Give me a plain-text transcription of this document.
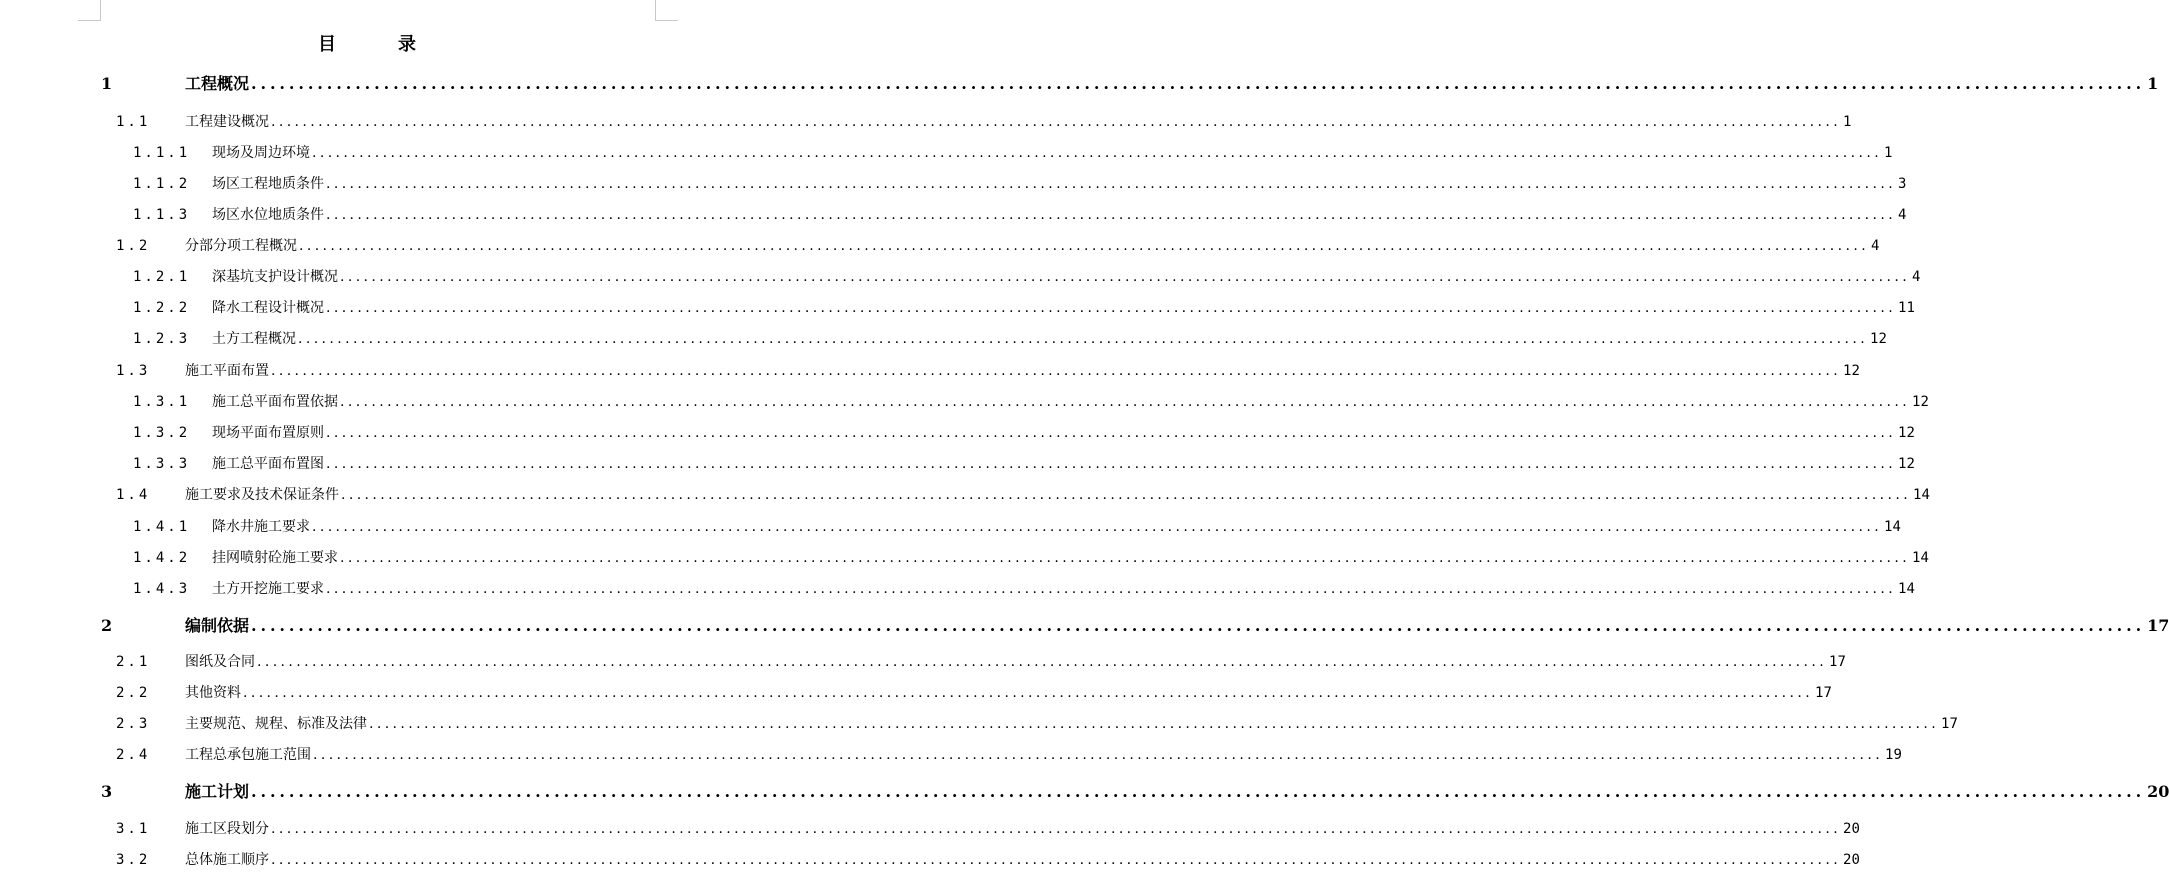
目　录
1	工程概况 ........................................................................................................................................................................................................ 1
1.1 工程建设概况 ........................................................................................................................................................................................................ 1
1.1.1 现场及周边环境 ........................................................................................................................................................................................................ 1
1.1.2 场区工程地质条件 ........................................................................................................................................................................................................ 3
1.1.3 场区水位地质条件 ........................................................................................................................................................................................................ 4
1.2 分部分项工程概况 ........................................................................................................................................................................................................ 4
1.2.1 深基坑支护设计概况 ........................................................................................................................................................................................................ 4
1.2.2 降水工程设计概况 ........................................................................................................................................................................................................ 11
1.2.3 土方工程概况 ........................................................................................................................................................................................................ 12
1.3 施工平面布置 ........................................................................................................................................................................................................ 12
1.3.1 施工总平面布置依据 ........................................................................................................................................................................................................ 12
1.3.2 现场平面布置原则 ........................................................................................................................................................................................................ 12
1.3.3 施工总平面布置图 ........................................................................................................................................................................................................ 12
1.4 施工要求及技术保证条件 ........................................................................................................................................................................................................ 14
1.4.1 降水井施工要求 ........................................................................................................................................................................................................ 14
1.4.2 挂网喷射砼施工要求 ........................................................................................................................................................................................................ 14
1.4.3 土方开挖施工要求 ........................................................................................................................................................................................................ 14
2	编制依据 ........................................................................................................................................................................................................ 17
2.1 图纸及合同 ........................................................................................................................................................................................................ 17
2.2 其他资料 ........................................................................................................................................................................................................ 17
2.3 主要规范、规程、标准及法律 ........................................................................................................................................................................................................ 17
2.4 工程总承包施工范围 ........................................................................................................................................................................................................ 19
3	施工计划 ........................................................................................................................................................................................................ 20
3.1 施工区段划分 ........................................................................................................................................................................................................ 20
3.2 总体施工顺序 ........................................................................................................................................................................................................ 20
